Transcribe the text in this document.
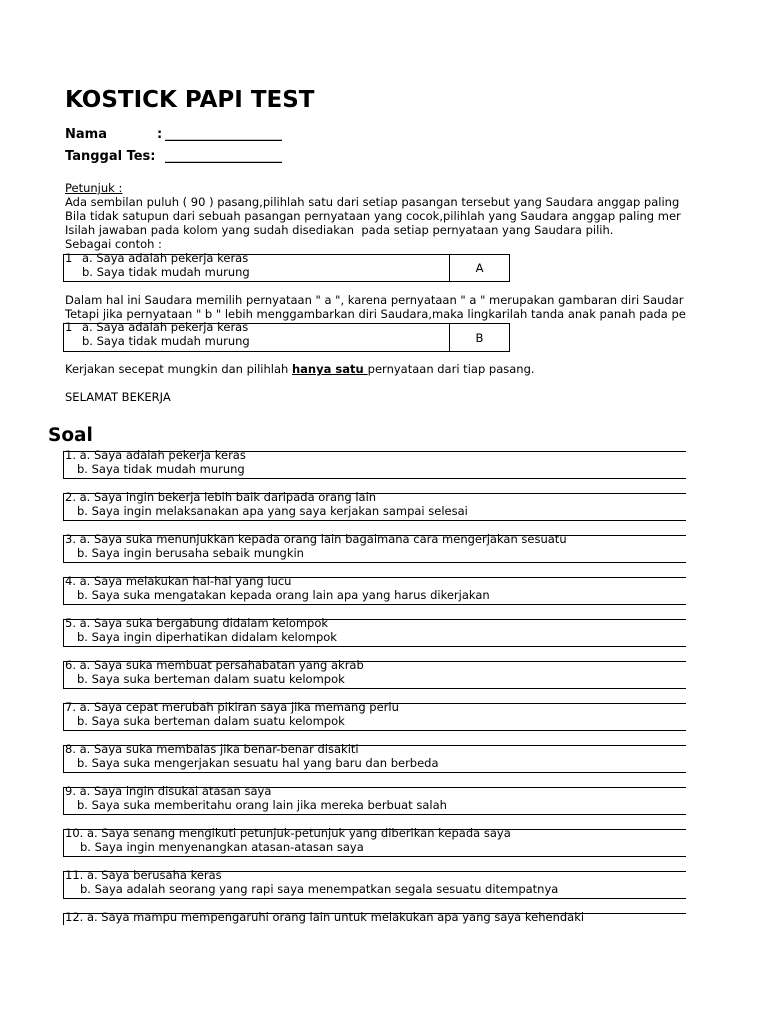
KOSTICK PAPI TEST
Nama	: __________________
Tanggal Tes: __________________
Petunjuk :
Ada sembilan puluh ( 90 ) pasang,pilihlah satu dari setiap pasangan tersebut yang Saudara anggap paling
Bila tidak satupun dari sebuah pasangan pernyataan yang cocok,pilihlah yang Saudara anggap paling mer
Isilah jawaban pada kolom yang sudah disediakan  pada setiap pernyataan yang Saudara pilih.
Sebagai contoh :
1 a. Saya adalah pekerja keras
b. Saya tidak mudah murung	A
Dalam hal ini Saudara memilih pernyataan " a ", karena pernyataan " a " merupakan gambaran diri Saudar
Tetapi jika pernyataan " b " lebih menggambarkan diri Saudara,maka lingkarilah tanda anak panah pada pe
1 a. Saya adalah pekerja keras
b. Saya tidak mudah murung	B
Kerjakan secepat mungkin dan pilihlah hanya satu pernyataan dari tiap pasang.
SELAMAT BEKERJA
Soal
1. a. Saya adalah pekerja keras
b. Saya tidak mudah murung
2. a. Saya ingin bekerja lebih baik daripada orang lain
b. Saya ingin melaksanakan apa yang saya kerjakan sampai selesai
3. a. Saya suka menunjukkan kepada orang lain bagaimana cara mengerjakan sesuatu
b. Saya ingin berusaha sebaik mungkin
4. a. Saya melakukan hal-hal yang lucu
b. Saya suka mengatakan kepada orang lain apa yang harus dikerjakan
5. a. Saya suka bergabung didalam kelompok
b. Saya ingin diperhatikan didalam kelompok
6. a. Saya suka membuat persahabatan yang akrab
b. Saya suka berteman dalam suatu kelompok
7. a. Saya cepat merubah pikiran saya jika memang perlu
b. Saya suka berteman dalam suatu kelompok
8. a. Saya suka membalas jika benar-benar disakiti
b. Saya suka mengerjakan sesuatu hal yang baru dan berbeda
9. a. Saya ingin disukai atasan saya
b. Saya suka memberitahu orang lain jika mereka berbuat salah
10. a. Saya senang mengikuti petunjuk-petunjuk yang diberikan kepada saya
b. Saya ingin menyenangkan atasan-atasan saya
11. a. Saya berusaha keras
b. Saya adalah seorang yang rapi saya menempatkan segala sesuatu ditempatnya
12. a. Saya mampu mempengaruhi orang lain untuk melakukan apa yang saya kehendaki
